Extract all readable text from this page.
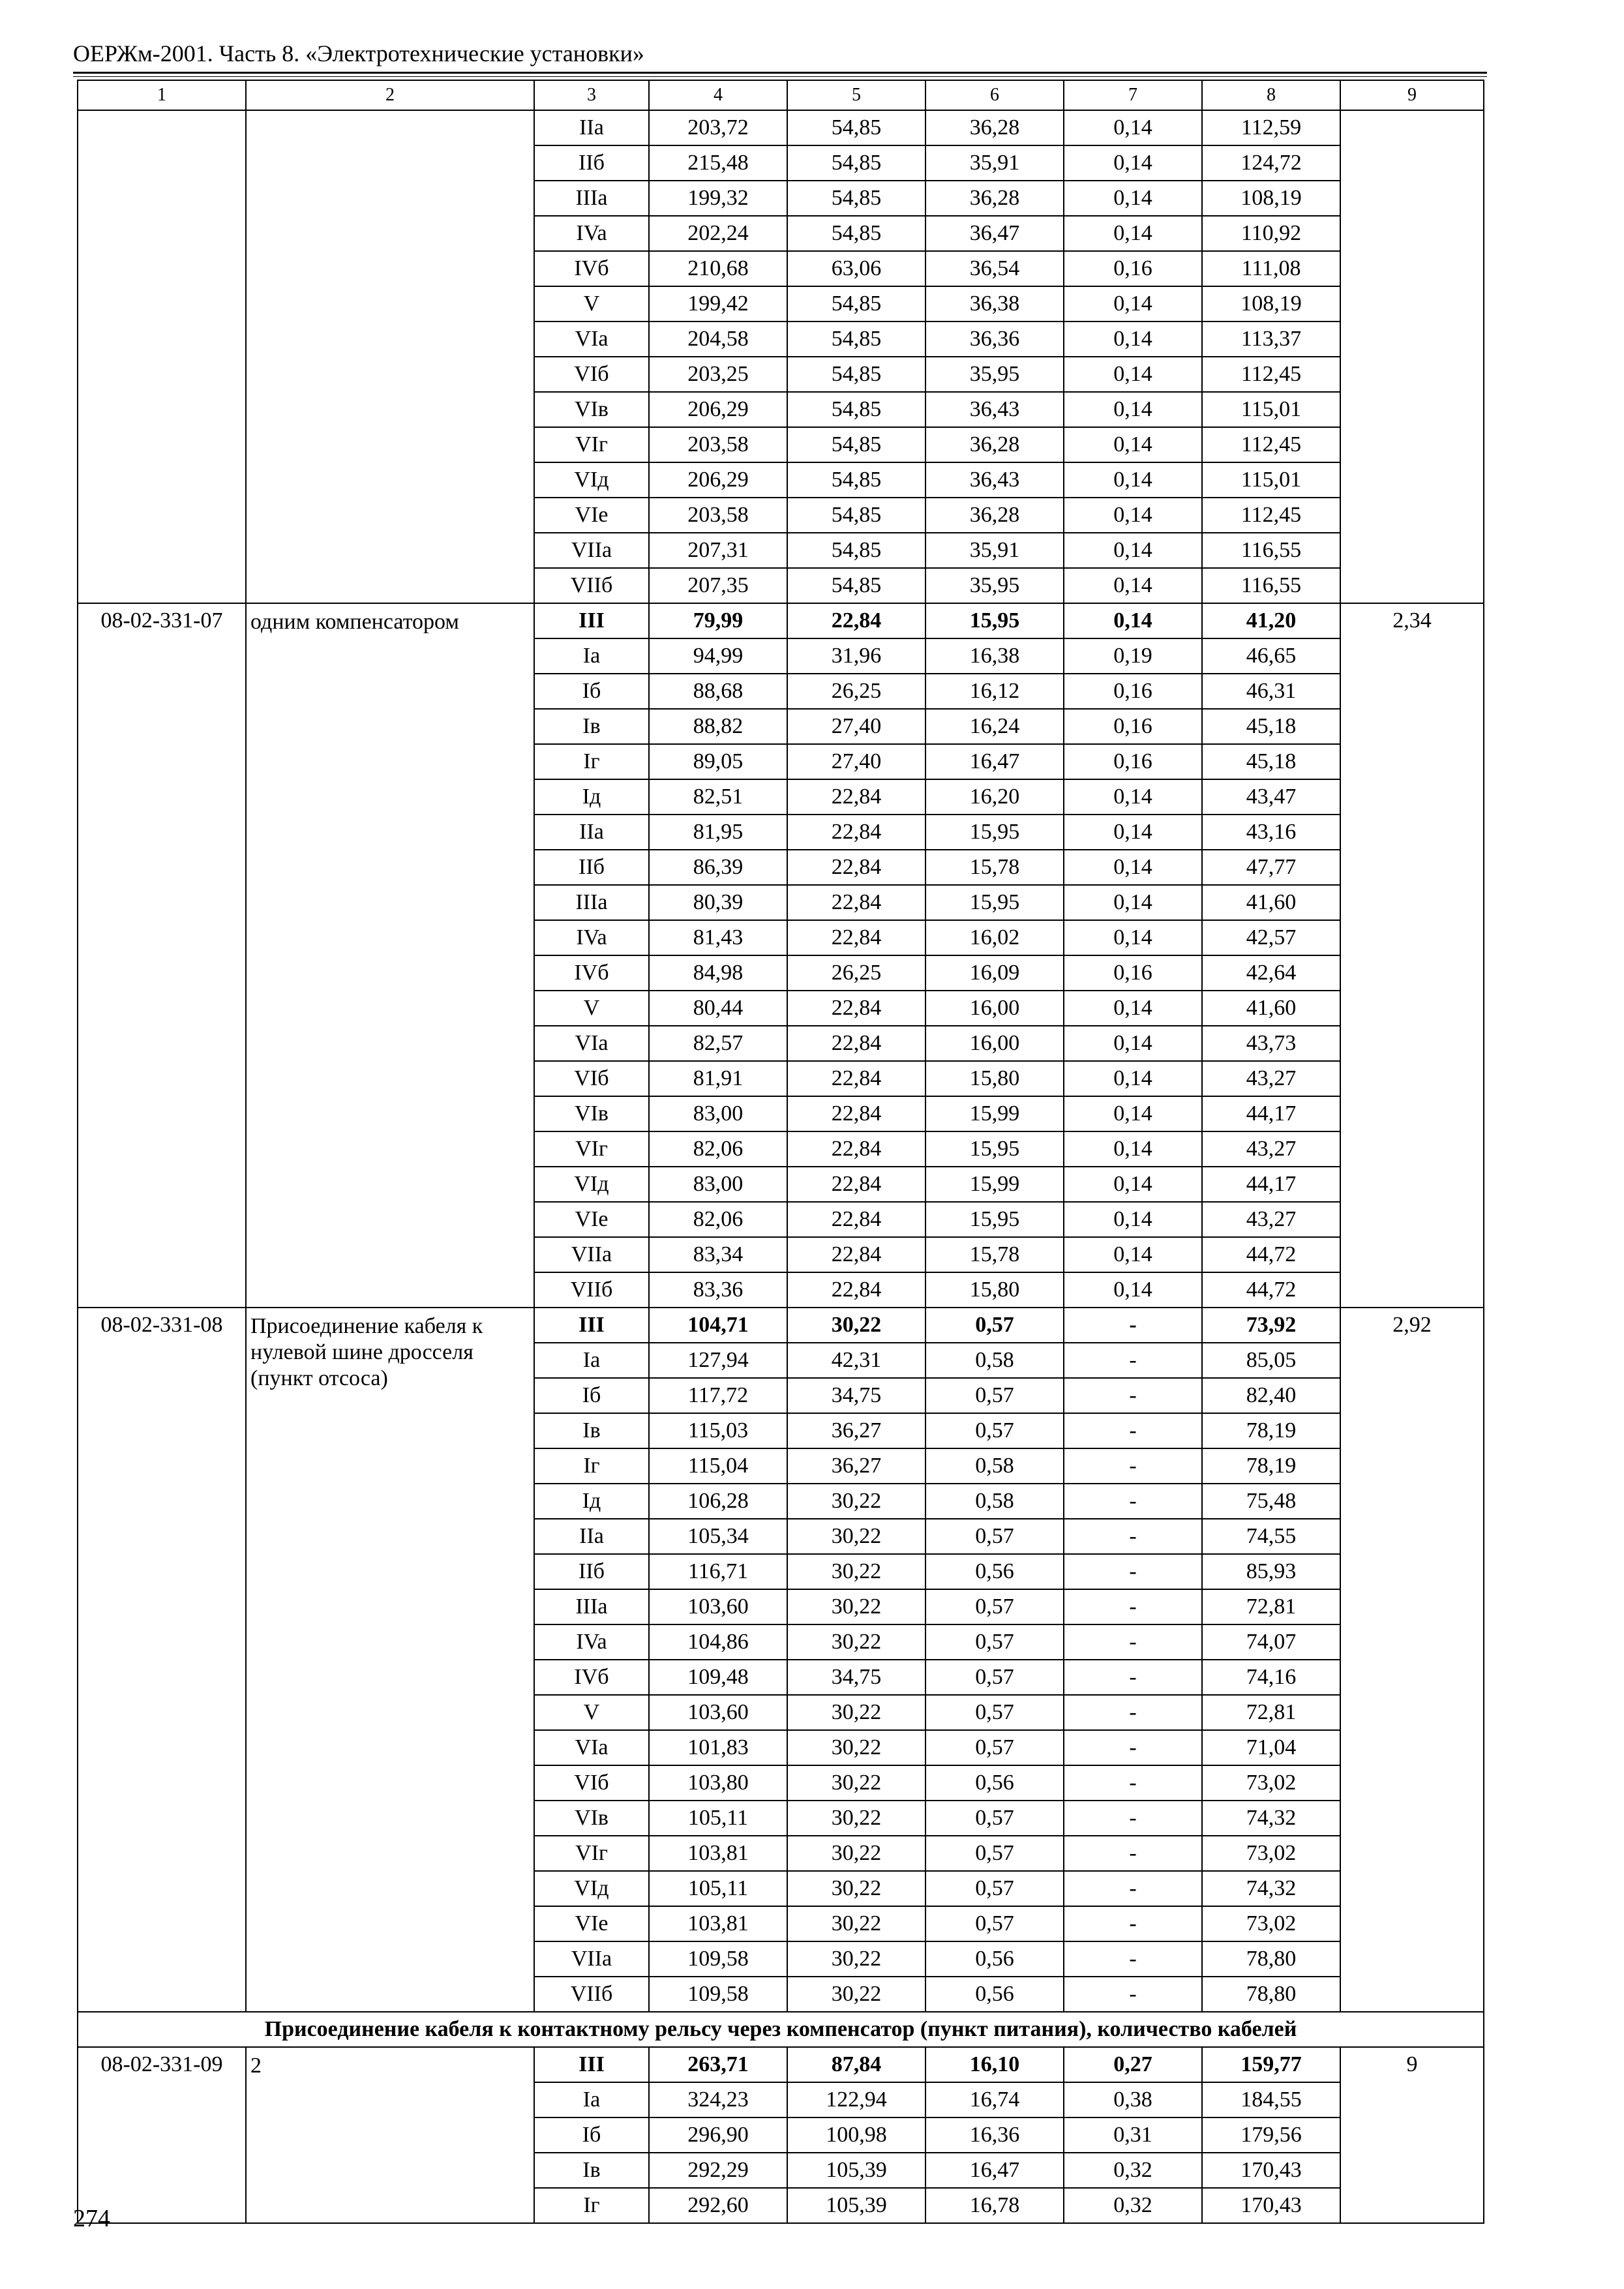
ОЕРЖм-2001. Часть 8. «Электротехнические установки»
1	2	3	4	5	6	7	8	9
		IIa	203,72	54,85	36,28	0,14	112,59	
		IIб	215,48	54,85	35,91	0,14	124,72	
		IIIa	199,32	54,85	36,28	0,14	108,19	
		IVa	202,24	54,85	36,47	0,14	110,92	
		IVб	210,68	63,06	36,54	0,16	111,08	
		V	199,42	54,85	36,38	0,14	108,19	
		VIa	204,58	54,85	36,36	0,14	113,37	
		VIб	203,25	54,85	35,95	0,14	112,45	
		VIв	206,29	54,85	36,43	0,14	115,01	
		VIг	203,58	54,85	36,28	0,14	112,45	
		VIд	206,29	54,85	36,43	0,14	115,01	
		VIe	203,58	54,85	36,28	0,14	112,45	
		VIIa	207,31	54,85	35,91	0,14	116,55	
		VIIб	207,35	54,85	35,95	0,14	116,55	
08-02-331-07	одним компенсатором	III	79,99	22,84	15,95	0,14	41,20	2,34
		Ia	94,99	31,96	16,38	0,19	46,65	
		Iб	88,68	26,25	16,12	0,16	46,31	
		Iв	88,82	27,40	16,24	0,16	45,18	
		Iг	89,05	27,40	16,47	0,16	45,18	
		Iд	82,51	22,84	16,20	0,14	43,47	
		IIa	81,95	22,84	15,95	0,14	43,16	
		IIб	86,39	22,84	15,78	0,14	47,77	
		IIIa	80,39	22,84	15,95	0,14	41,60	
		IVa	81,43	22,84	16,02	0,14	42,57	
		IVб	84,98	26,25	16,09	0,16	42,64	
		V	80,44	22,84	16,00	0,14	41,60	
		VIa	82,57	22,84	16,00	0,14	43,73	
		VIб	81,91	22,84	15,80	0,14	43,27	
		VIв	83,00	22,84	15,99	0,14	44,17	
		VIг	82,06	22,84	15,95	0,14	43,27	
		VIд	83,00	22,84	15,99	0,14	44,17	
		VIe	82,06	22,84	15,95	0,14	43,27	
		VIIa	83,34	22,84	15,78	0,14	44,72	
		VIIб	83,36	22,84	15,80	0,14	44,72	
08-02-331-08	Присоединение кабеля к нулевой шине дросселя (пункт отсоса)	III	104,71	30,22	0,57	-	73,92	2,92
		Ia	127,94	42,31	0,58	-	85,05	
		Iб	117,72	34,75	0,57	-	82,40	
		Iв	115,03	36,27	0,57	-	78,19	
		Iг	115,04	36,27	0,58	-	78,19	
		Iд	106,28	30,22	0,58	-	75,48	
		IIa	105,34	30,22	0,57	-	74,55	
		IIб	116,71	30,22	0,56	-	85,93	
		IIIa	103,60	30,22	0,57	-	72,81	
		IVa	104,86	30,22	0,57	-	74,07	
		IVб	109,48	34,75	0,57	-	74,16	
		V	103,60	30,22	0,57	-	72,81	
		VIa	101,83	30,22	0,57	-	71,04	
		VIб	103,80	30,22	0,56	-	73,02	
		VIв	105,11	30,22	0,57	-	74,32	
		VIг	103,81	30,22	0,57	-	73,02	
		VIд	105,11	30,22	0,57	-	74,32	
		VIe	103,81	30,22	0,57	-	73,02	
		VIIa	109,58	30,22	0,56	-	78,80	
		VIIб	109,58	30,22	0,56	-	78,80	
Присоединение кабеля к контактному рельсу через компенсатор (пункт питания), количество кабелей								
08-02-331-09	2	III	263,71	87,84	16,10	0,27	159,77	9
		Ia	324,23	122,94	16,74	0,38	184,55	
		Iб	296,90	100,98	16,36	0,31	179,56	
		Iв	292,29	105,39	16,47	0,32	170,43	
		Iг	292,60	105,39	16,78	0,32	170,43	
274
